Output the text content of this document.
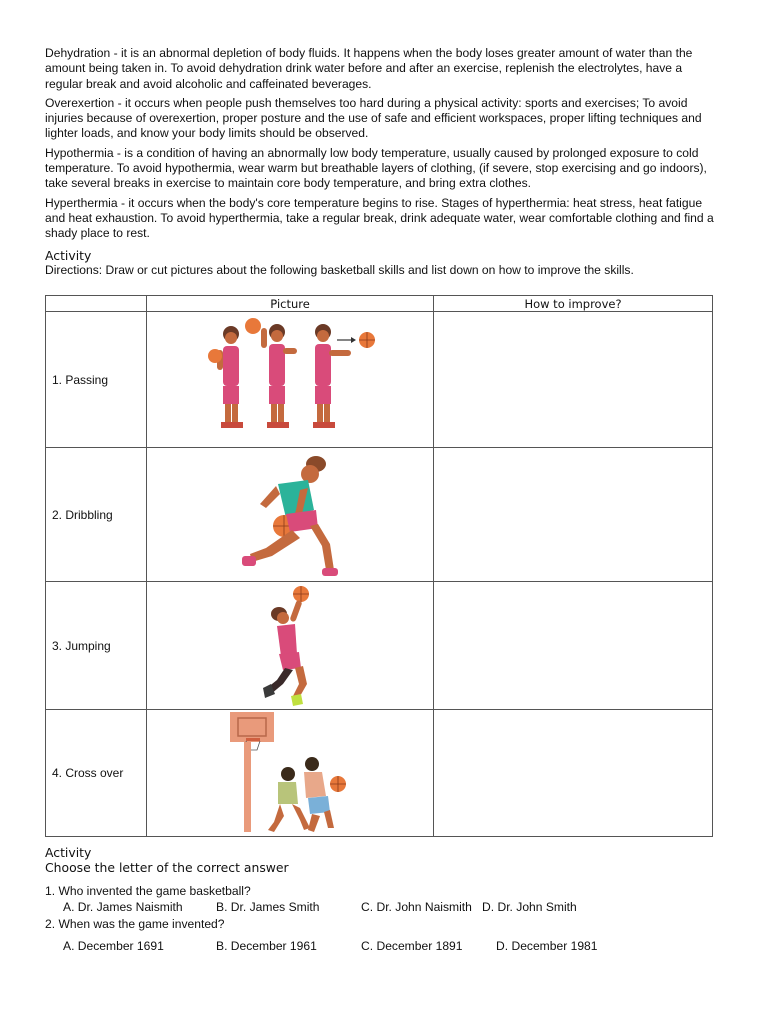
Dehydration - it is an abnormal depletion of body fluids. It happens when the body loses greater amount of water than the amount being taken in. To avoid dehydration drink water before and after an exercise, replenish the electrolytes, have a regular break and avoid alcoholic and caffeinated beverages.

Overexertion - it occurs when people push themselves too hard during a physical activity: sports and exercises; To avoid injuries because of overexertion, proper posture and the use of safe and efficient workspaces, proper lifting techniques and lighter loads, and know your body limits should be observed.

Hypothermia - is a condition of having an abnormally low body temperature, usually caused by prolonged exposure to cold temperature. To avoid hypothermia, wear warm but breathable layers of clothing, (if severe, stop exercising and go indoors), take several breaks in exercise to maintain core body temperature, and bring extra clothes.

Hyperthermia - it occurs when the body's core temperature begins to rise. Stages of hyperthermia: heat stress, heat fatigue and heat exhaustion. To avoid hyperthermia, take a regular break, drink adequate water, wear comfortable clothing and find a shady place to rest.

Activity

Directions: Draw or cut pictures about the following basketball skills and list down on how to improve the skills.

	Picture	How to improve?
1. Passing	

2. Dribbling	

3. Jumping	

4. Cross over	

Activity

Choose the letter of the correct answer

1. Who invented the game basketball?

A. Dr. James Naismith	B. Dr. James Smith	C. Dr. John Naismith D. Dr. John Smith

2. When was the game invented?

A. December 1691	B. December 1961	C. December 1891	D. December 1981
